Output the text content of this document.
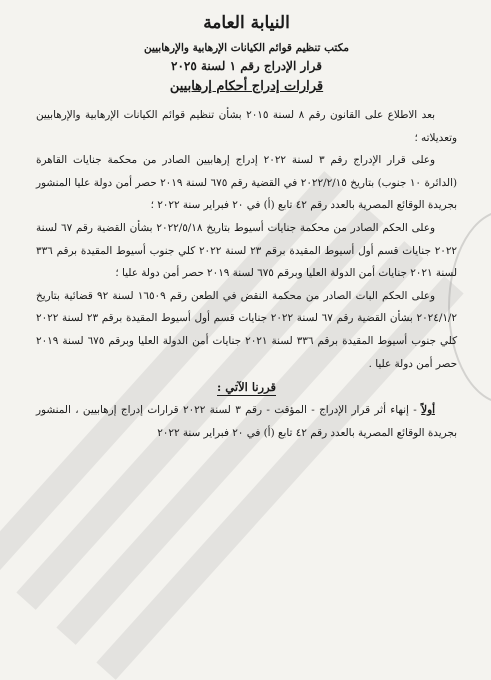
النيابة العامة
مكتب تنظيم قوائم الكيانات الإرهابية والإرهابيين
قرار الإدراج رقم ١ لسنة ٢٠٢٥
قرارات إدراج أحكام إرهابيين

بعد الاطلاع على القانون رقم ٨ لسنة ٢٠١٥ بشأن تنظيم قوائم الكيانات الإرهابية والإرهابيين وتعديلاته ؛

وعلى قرار الإدراج رقم ٣ لسنة ٢٠٢٢ إدراج إرهابيين الصادر من محكمة جنايات القاهرة (الدائرة ١٠ جنوب) بتاريخ ٢٠٢٢/٢/١٥ في القضية رقم ٦٧٥ لسنة ٢٠١٩ حصر أمن دولة عليا المنشور بجريدة الوقائع المصرية بالعدد رقم ٤٢ تابع (أ) في ٢٠ فبراير سنة ٢٠٢٢ ؛

وعلى الحكم الصادر من محكمة جنايات أسيوط بتاريخ ٢٠٢٢/٥/١٨ بشأن القضية رقم ٦٧ لسنة ٢٠٢٢ جنايات قسم أول أسيوط المقيدة برقم ٢٣ لسنة ٢٠٢٢ كلي جنوب أسيوط المقيدة برقم ٣٣٦ لسنة ٢٠٢١ جنايات أمن الدولة العليا وبرقم ٦٧٥ لسنة ٢٠١٩ حصر أمن دولة عليا ؛

وعلى الحكم البات الصادر من محكمة النقض في الطعن رقم ١٦٥٠٩ لسنة ٩٢ قضائية بتاريخ ٢٠٢٤/١/٢ بشأن القضية رقم ٦٧ لسنة ٢٠٢٢ جنايات قسم أول أسيوط المقيدة برقم ٢٣ لسنة ٢٠٢٢ كلي جنوب أسيوط المقيدة برقم ٣٣٦ لسنة ٢٠٢١ جنايات أمن الدولة العليا وبرقم ٦٧٥ لسنة ٢٠١٩ حصر أمن دولة عليا .

قررنا الآتي :

أولاً - إنهاء أثر قرار الإدراج - المؤقت - رقم ٣ لسنة ٢٠٢٢ قرارات إدراج إرهابيين ، المنشور بجريدة الوقائع المصرية بالعدد رقم ٤٢ تابع (أ) في ٢٠ فبراير سنة ٢٠٢٢
